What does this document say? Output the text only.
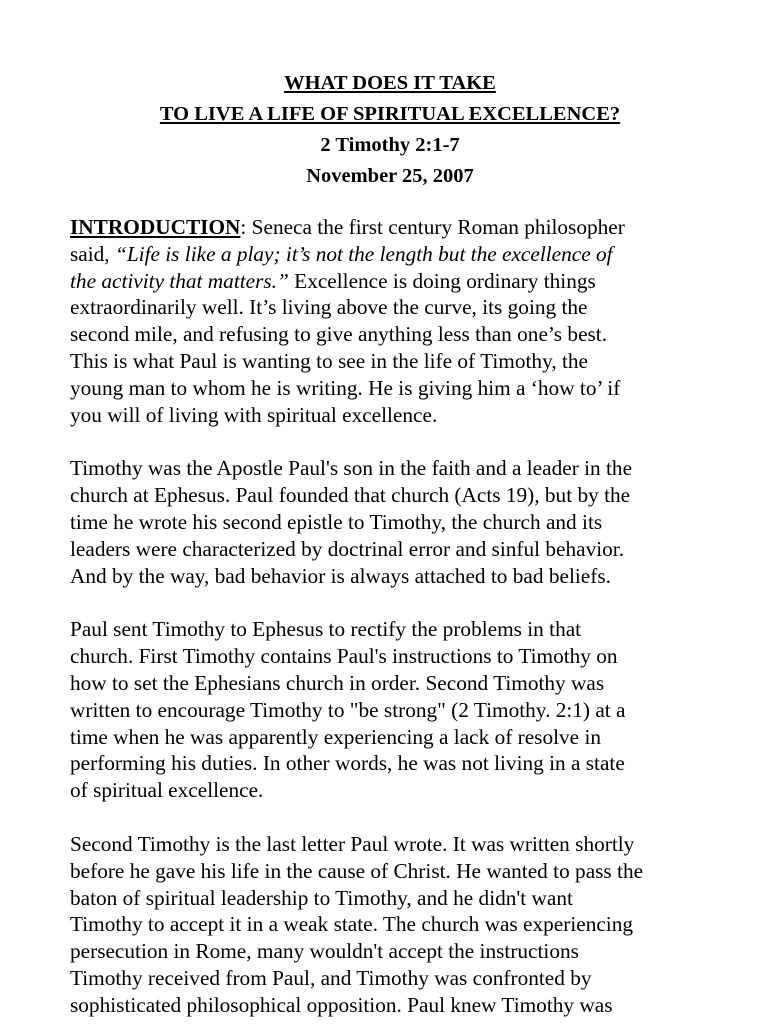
WHAT DOES IT TAKE
TO LIVE A LIFE OF SPIRITUAL EXCELLENCE?
2 Timothy 2:1-7
November 25, 2007
INTRODUCTION: Seneca the first century Roman philosopher
said, “Life is like a play; it’s not the length but the excellence of
the activity that matters.” Excellence is doing ordinary things
extraordinarily well. It’s living above the curve, its going the
second mile, and refusing to give anything less than one’s best.
This is what Paul is wanting to see in the life of Timothy, the
young man to whom he is writing. He is giving him a ‘how to’ if
you will of living with spiritual excellence.
Timothy was the Apostle Paul's son in the faith and a leader in the
church at Ephesus. Paul founded that church (Acts 19), but by the
time he wrote his second epistle to Timothy, the church and its
leaders were characterized by doctrinal error and sinful behavior.
And by the way, bad behavior is always attached to bad beliefs.
Paul sent Timothy to Ephesus to rectify the problems in that
church. First Timothy contains Paul's instructions to Timothy on
how to set the Ephesians church in order. Second Timothy was
written to encourage Timothy to "be strong" (2 Timothy. 2:1) at a
time when he was apparently experiencing a lack of resolve in
performing his duties. In other words, he was not living in a state
of spiritual excellence.
Second Timothy is the last letter Paul wrote. It was written shortly
before he gave his life in the cause of Christ. He wanted to pass the
baton of spiritual leadership to Timothy, and he didn't want
Timothy to accept it in a weak state. The church was experiencing
persecution in Rome, many wouldn't accept the instructions
Timothy received from Paul, and Timothy was confronted by
sophisticated philosophical opposition. Paul knew Timothy was
